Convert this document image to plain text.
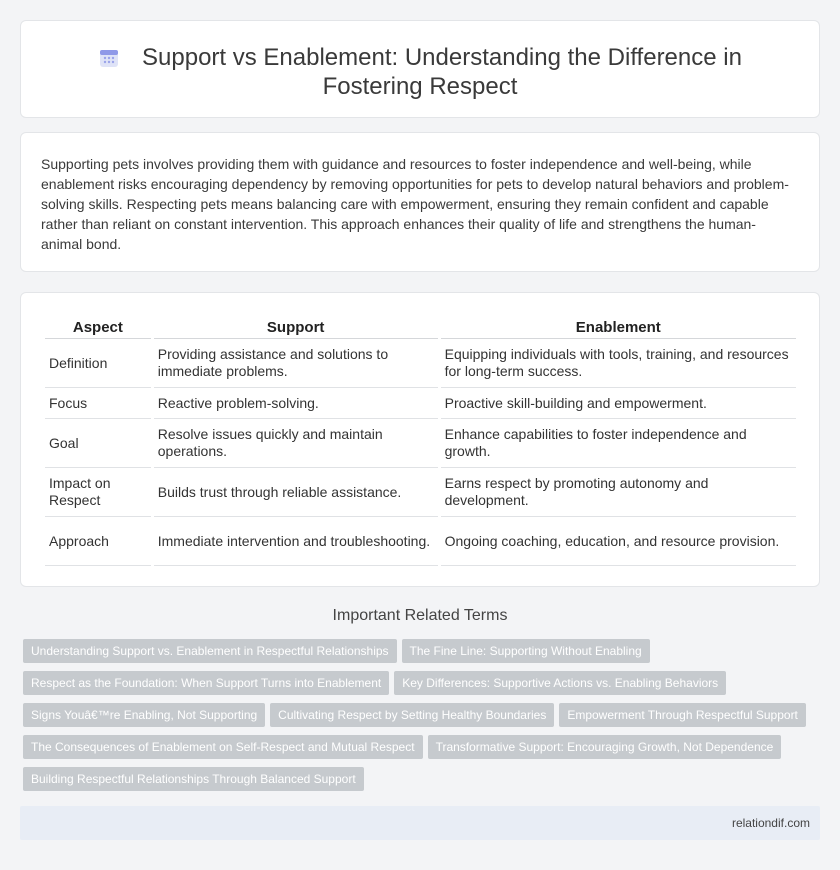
Support vs Enablement: Understanding the Difference in Fostering Respect

Supporting pets involves providing them with guidance and resources to foster independence and well-being, while enablement risks encouraging dependency by removing opportunities for pets to develop natural behaviors and problem-solving skills. Respecting pets means balancing care with empowerment, ensuring they remain confident and capable rather than reliant on constant intervention. This approach enhances their quality of life and strengthens the human-animal bond.

Aspect	Support	Enablement
Definition	Providing assistance and solutions to immediate problems.	Equipping individuals with tools, training, and resources for long-term success.
Focus	Reactive problem-solving.	Proactive skill-building and empowerment.
Goal	Resolve issues quickly and maintain operations.	Enhance capabilities to foster independence and growth.
Impact on Respect	Builds trust through reliable assistance.	Earns respect by promoting autonomy and development.
Approach	Immediate intervention and troubleshooting.	Ongoing coaching, education, and resource provision.
Important Related Terms
Understanding Support vs. Enablement in Respectful Relationships The Fine Line: Supporting Without Enabling
Respect as the Foundation: When Support Turns into Enablement Key Differences: Supportive Actions vs. Enabling Behaviors
Signs Youâ€™re Enabling, Not Supporting Cultivating Respect by Setting Healthy Boundaries Empowerment Through Respectful Support
The Consequences of Enablement on Self-Respect and Mutual Respect Transformative Support: Encouraging Growth, Not Dependence
Building Respectful Relationships Through Balanced Support
relationdif.com
